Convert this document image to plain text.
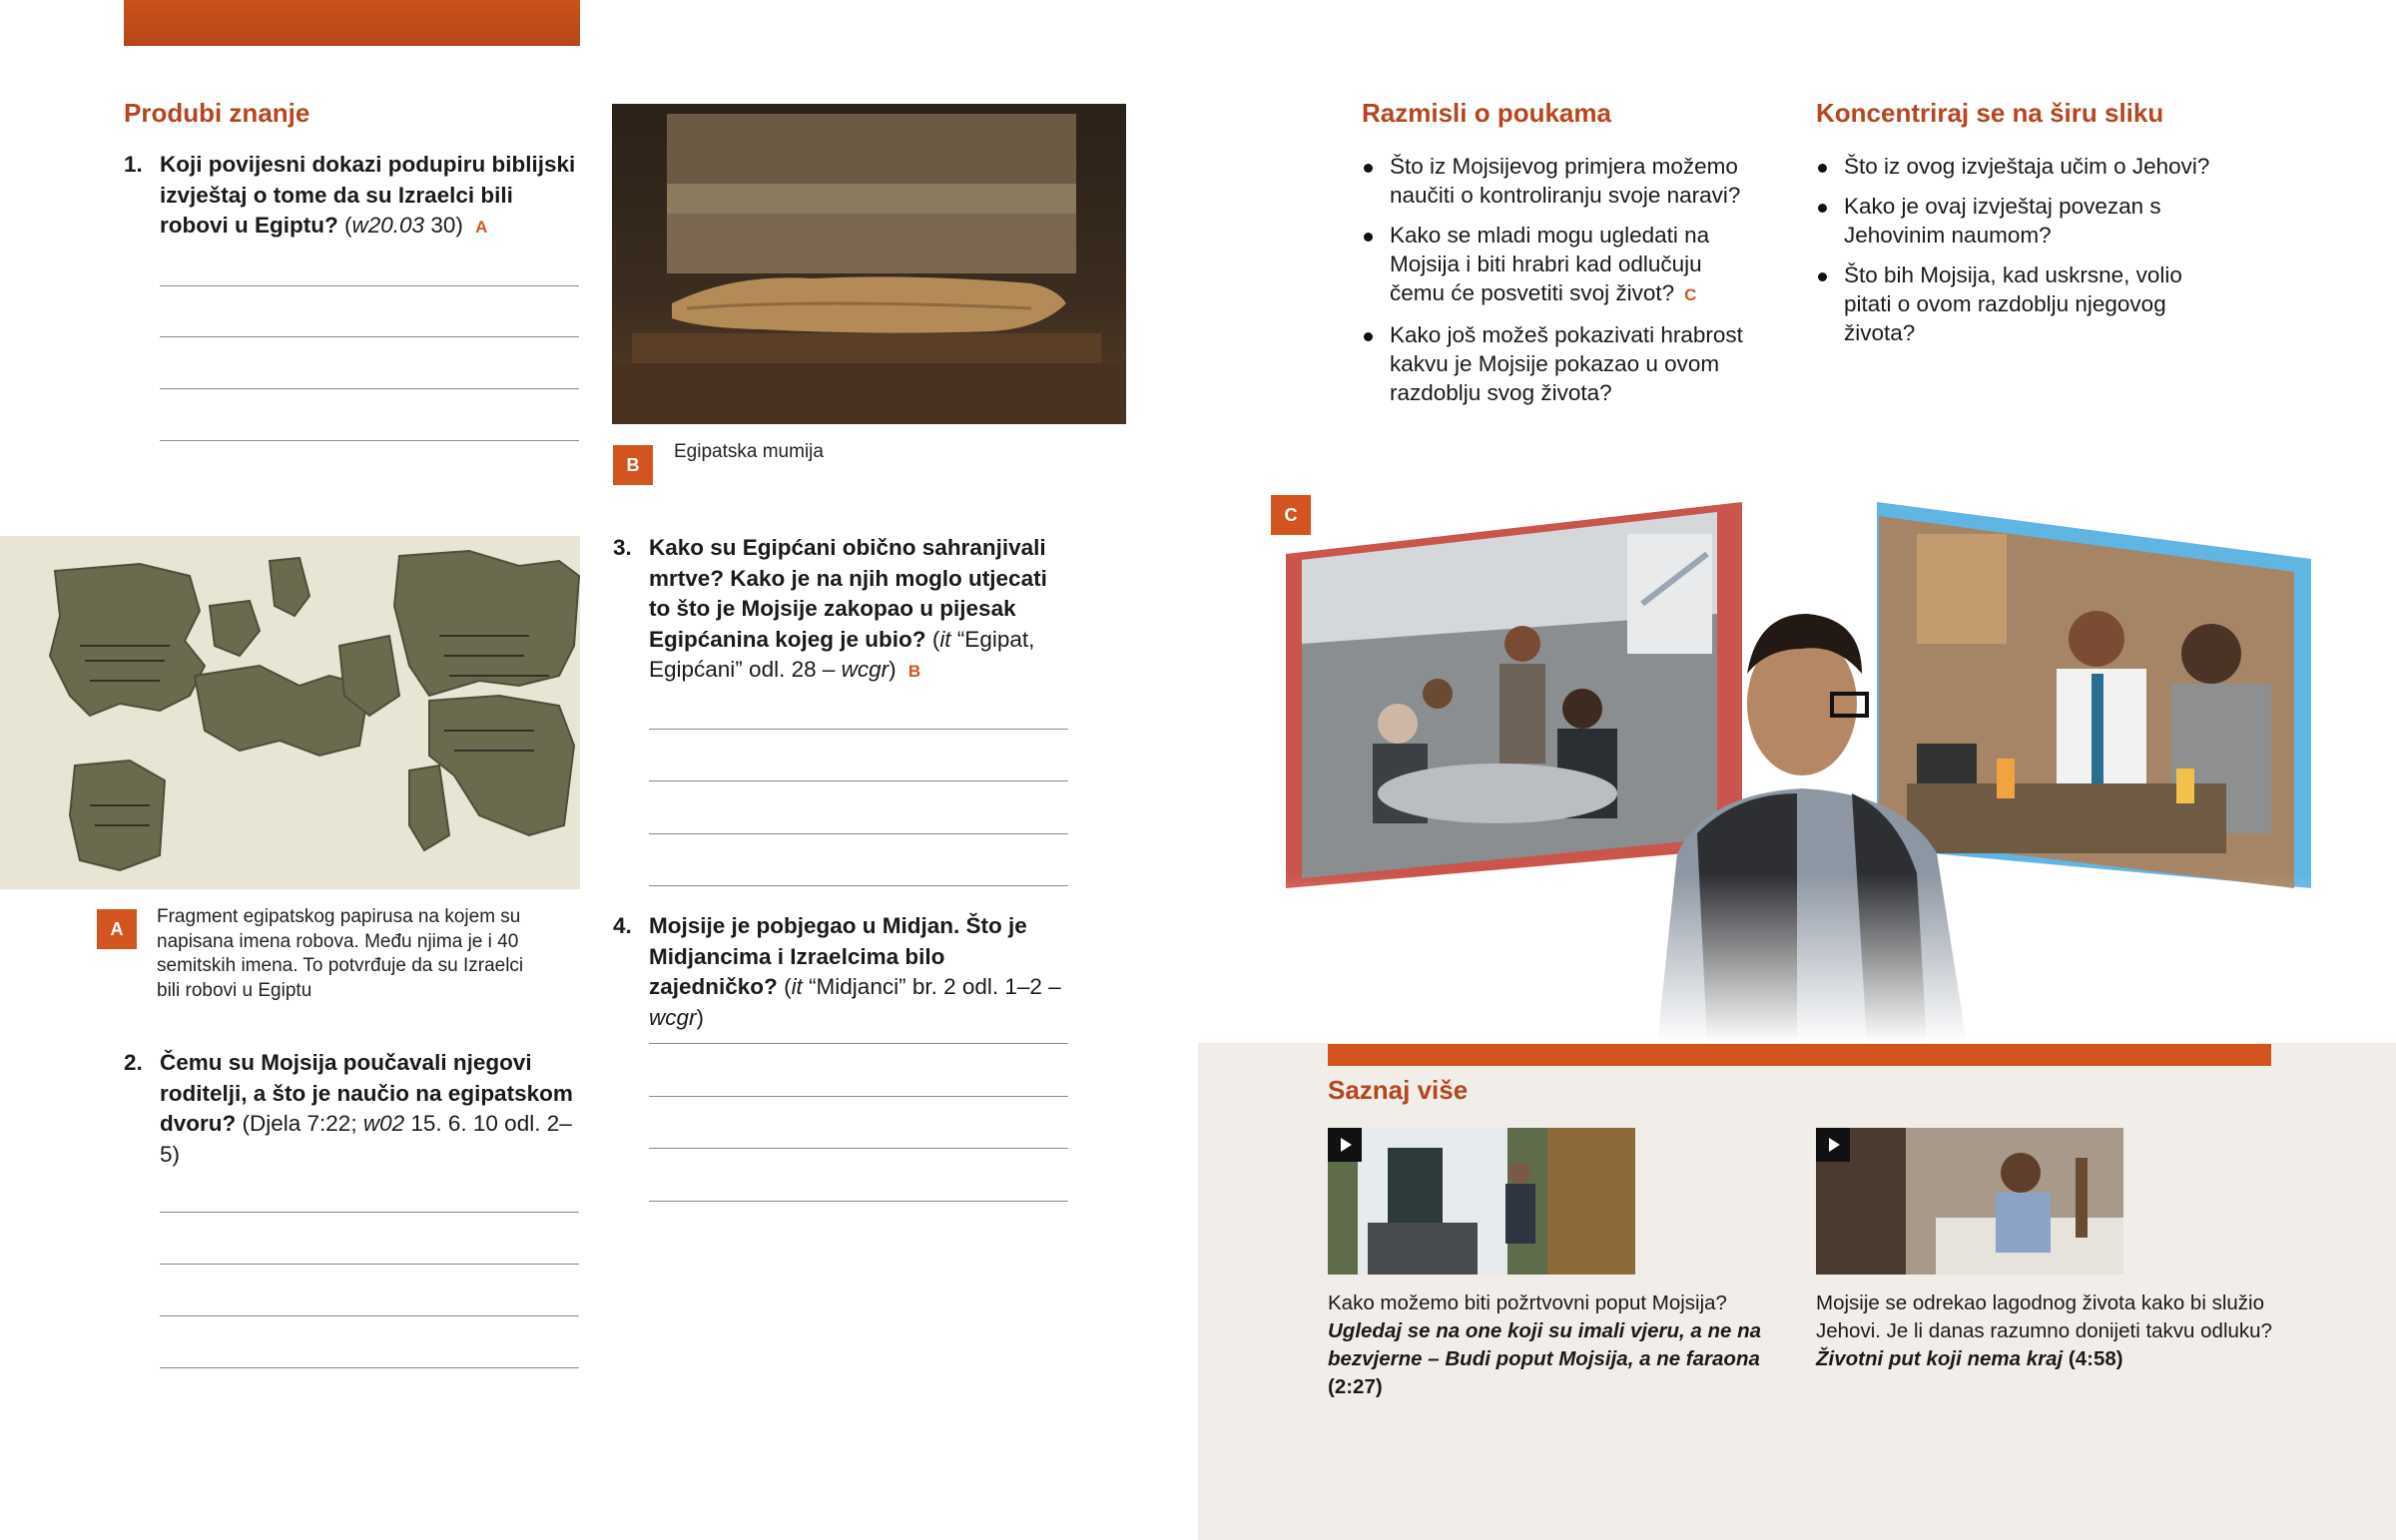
Produbi znanje
1. Koji povijesni dokazi podupiru biblijski izvještaj o tome da su Izraelci bili robovi u Egiptu? (w20.03 30) A
A
Fragment egipatskog papirusa na kojem su napisana imena robova. Među njima je i 40 semitskih imena. To potvrđuje da su Izraelci bili robovi u Egiptu
2. Čemu su Mojsija poučavali njegovi roditelji, a što je naučio na egipatskom dvoru? (Djela 7:22; w02 15. 6. 10 odl. 2–5)
B
Egipatska mumija
3. Kako su Egipćani obično sahranjivali mrtve? Kako je na njih moglo utjecati to što je Mojsije zakopao u pijesak Egipćanina kojeg je ubio? (it “Egipat, Egipćani” odl. 28 – wcgr) B
4. Mojsije je pobjegao u Midjan. Što je Midjancima i Izraelcima bilo zajedničko? (it “Midjanci” br. 2 odl. 1–2 – wcgr)
Razmisli o poukama
Što iz Mojsijevog primjera možemo naučiti o kontroliranju svoje naravi?
Kako se mladi mogu ugledati na Mojsija i biti hrabri kad odlučuju čemu će posvetiti svoj život? C
Kako još možeš pokazivati hrabrost kakvu je Mojsije pokazao u ovom razdoblju svog života?
Koncentriraj se na širu sliku
Što iz ovog izvještaja učim o Jehovi?
Kako je ovaj izvještaj povezan s Jehovinim naumom?
Što bih Mojsija, kad uskrsne, volio pitati o ovom razdoblju njegovog života?
C
Saznaj više
Kako možemo biti požrtvovni poput Mojsija?
Ugledaj se na one koji su imali vjeru, a ne na bezvjerne – Budi poput Mojsija, a ne faraona (2:27)
Mojsije se odrekao lagodnog života kako bi služio Jehovi. Je li danas razumno donijeti takvu odluku?
Životni put koji nema kraj (4:58)
